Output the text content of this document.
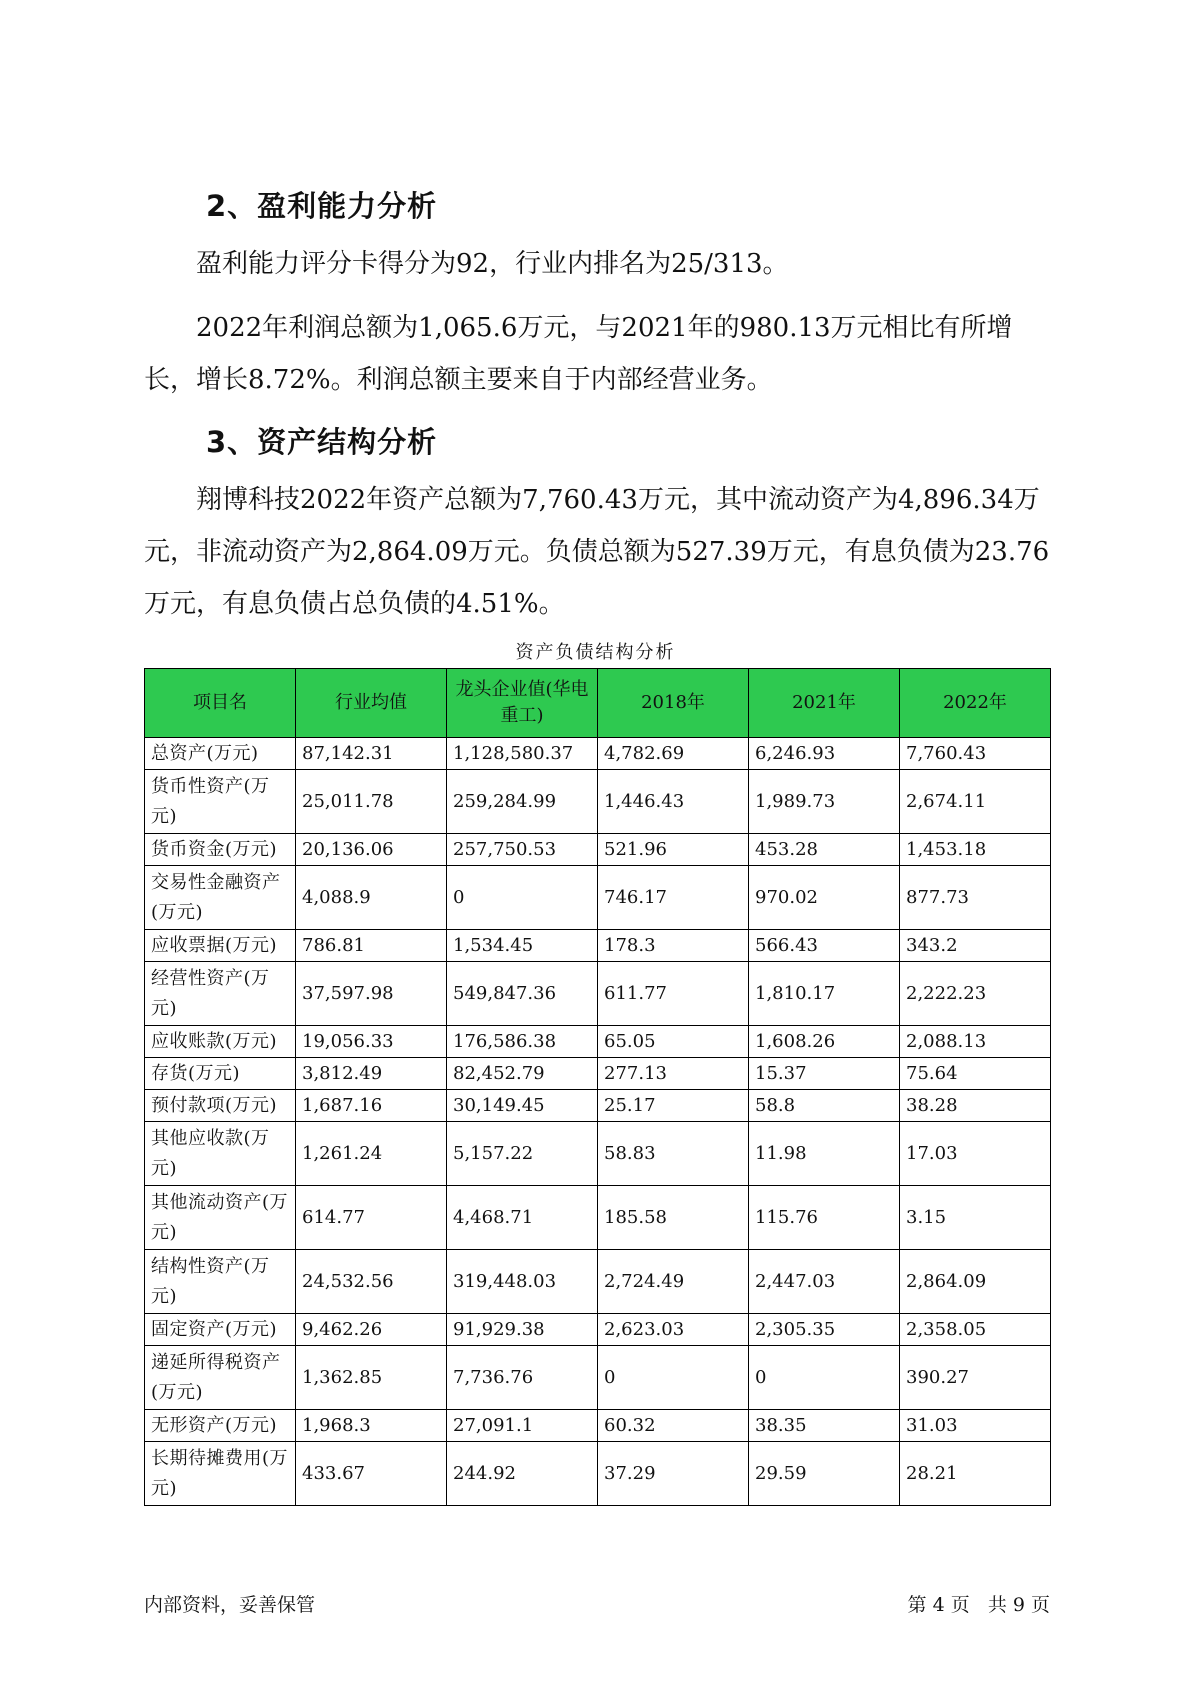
2、盈利能力分析

盈利能力评分卡得分为92，行业内排名为25/313。

2022年利润总额为1,065.6万元，与2021年的980.13万元相比有所增长，增长8.72%。利润总额主要来自于内部经营业务。

3、资产结构分析

翔博科技2022年资产总额为7,760.43万元，其中流动资产为4,896.34万元，非流动资产为2,864.09万元。负债总额为527.39万元，有息负债为23.76万元，有息负债占总负债的4.51%。

资产负债结构分析
项目名	行业均值	龙头企业值(华电重工)	2018年	2021年	2022年
总资产(万元)	87,142.31	1,128,580.37	4,782.69	6,246.93	7,760.43
货币性资产(万元)	25,011.78	259,284.99	1,446.43	1,989.73	2,674.11
货币资金(万元)	20,136.06	257,750.53	521.96	453.28	1,453.18
交易性金融资产(万元)	4,088.9	0	746.17	970.02	877.73
应收票据(万元)	786.81	1,534.45	178.3	566.43	343.2
经营性资产(万元)	37,597.98	549,847.36	611.77	1,810.17	2,222.23
应收账款(万元)	19,056.33	176,586.38	65.05	1,608.26	2,088.13
存货(万元)	3,812.49	82,452.79	277.13	15.37	75.64
预付款项(万元)	1,687.16	30,149.45	25.17	58.8	38.28
其他应收款(万元)	1,261.24	5,157.22	58.83	11.98	17.03
其他流动资产(万元)	614.77	4,468.71	185.58	115.76	3.15
结构性资产(万元)	24,532.56	319,448.03	2,724.49	2,447.03	2,864.09
固定资产(万元)	9,462.26	91,929.38	2,623.03	2,305.35	2,358.05
递延所得税资产(万元)	1,362.85	7,736.76	0	0	390.27
无形资产(万元)	1,968.3	27,091.1	60.32	38.35	31.03
长期待摊费用(万元)	433.67	244.92	37.29	29.59	28.21
内部资料，妥善保管	第 4 页   共 9 页
